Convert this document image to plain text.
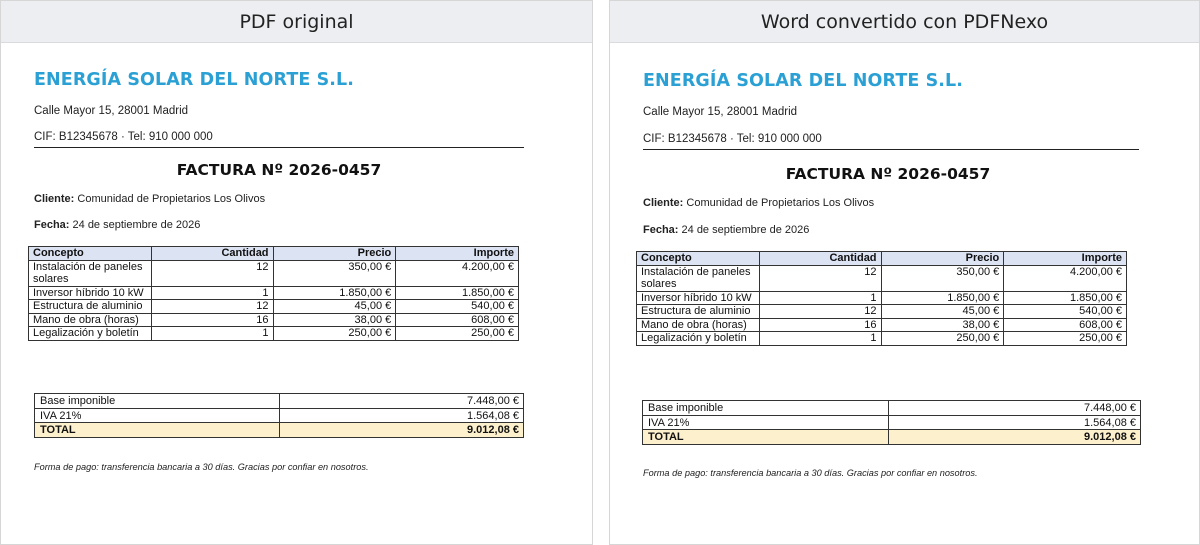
PDF original
ENERGÍA SOLAR DEL NORTE S.L.
Calle Mayor 15, 28001 Madrid
CIF: B12345678 · Tel: 910 000 000
FACTURA Nº 2026-0457
Cliente: Comunidad de Propietarios Los Olivos
Fecha: 24 de septiembre de 2026
Concepto	Cantidad	Precio	Importe
Instalación de paneles solares	12	350,00 €	4.200,00 €
Inversor híbrido 10 kW	1	1.850,00 €	1.850,00 €
Estructura de aluminio	12	45,00 €	540,00 €
Mano de obra (horas)	16	38,00 €	608,00 €
Legalización y boletín	1	250,00 €	250,00 €
Base imponible	7.448,00 €
IVA 21%	1.564,08 €
TOTAL	9.012,08 €
Forma de pago: transferencia bancaria a 30 días. Gracias por confiar en nosotros.
Word convertido con PDFNexo
ENERGÍA SOLAR DEL NORTE S.L.
Calle Mayor 15, 28001 Madrid
CIF: B12345678 · Tel: 910 000 000
FACTURA Nº 2026-0457
Cliente: Comunidad de Propietarios Los Olivos
Fecha: 24 de septiembre de 2026
Concepto	Cantidad	Precio	Importe
Instalación de paneles solares	12	350,00 €	4.200,00 €
Inversor híbrido 10 kW	1	1.850,00 €	1.850,00 €
Estructura de aluminio	12	45,00 €	540,00 €
Mano de obra (horas)	16	38,00 €	608,00 €
Legalización y boletín	1	250,00 €	250,00 €
Base imponible	7.448,00 €
IVA 21%	1.564,08 €
TOTAL	9.012,08 €
Forma de pago: transferencia bancaria a 30 días. Gracias por confiar en nosotros.
